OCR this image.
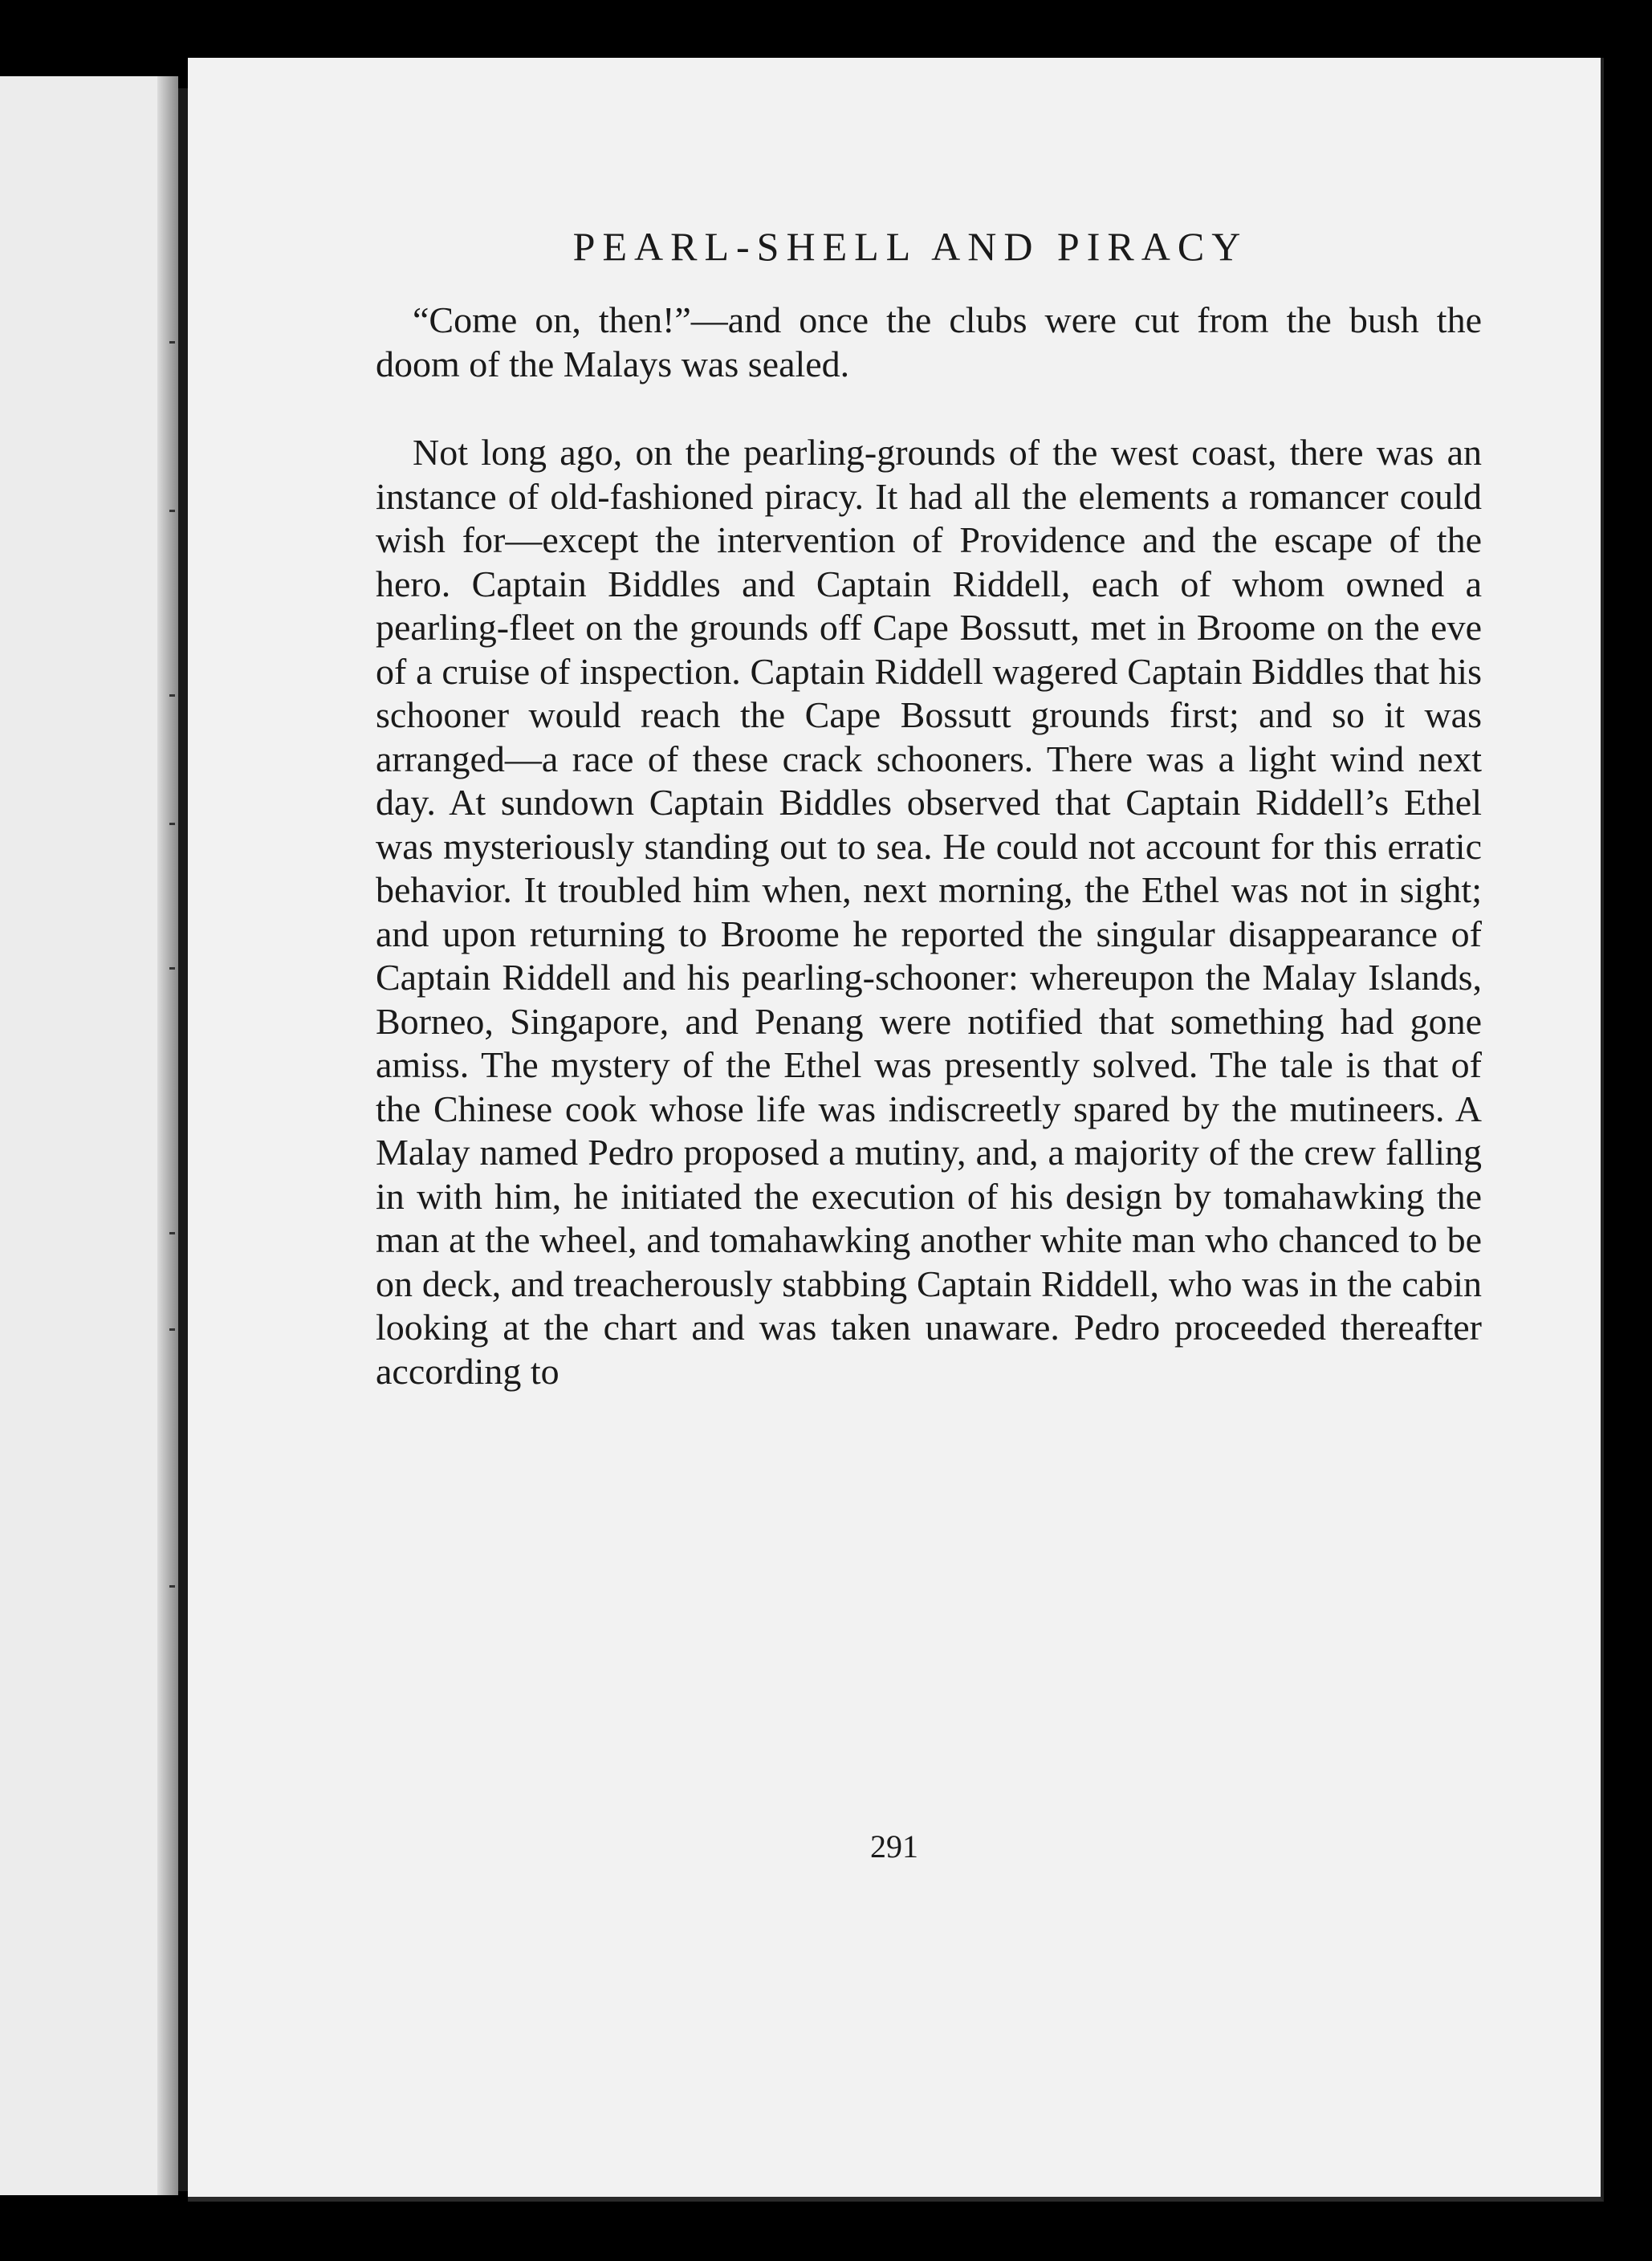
PEARL-SHELL AND PIRACY

“Come on, then!”—and once the clubs were cut from the bush the doom of the Malays was sealed.

Not long ago, on the pearling-grounds of the west coast, there was an instance of old-fashioned piracy. It had all the elements a romancer could wish for—except the intervention of Providence and the escape of the hero. Captain Biddles and Captain Riddell, each of whom owned a pearling-fleet on the grounds off Cape Bossutt, met in Broome on the eve of a cruise of inspection. Captain Riddell wagered Captain Biddles that his schooner would reach the Cape Bossutt grounds first; and so it was arranged—a race of these crack schooners. There was a light wind next day. At sundown Captain Biddles observed that Captain Riddell’s Ethel was mysteriously standing out to sea. He could not account for this erratic behavior. It troubled him when, next morning, the Ethel was not in sight; and upon returning to Broome he reported the singular disappearance of Captain Riddell and his pearling-schooner: whereupon the Malay Islands, Borneo, Singapore, and Penang were notified that something had gone amiss. The mystery of the Ethel was presently solved. The tale is that of the Chinese cook whose life was indiscreetly spared by the mutineers. A Malay named Pedro proposed a mutiny, and, a majority of the crew falling in with him, he initiated the execution of his design by tomahawking the man at the wheel, and tomahawking another white man who chanced to be on deck, and treacherously stabbing Captain Riddell, who was in the cabin looking at the chart and was taken unaware. Pedro proceeded thereafter according to

291
